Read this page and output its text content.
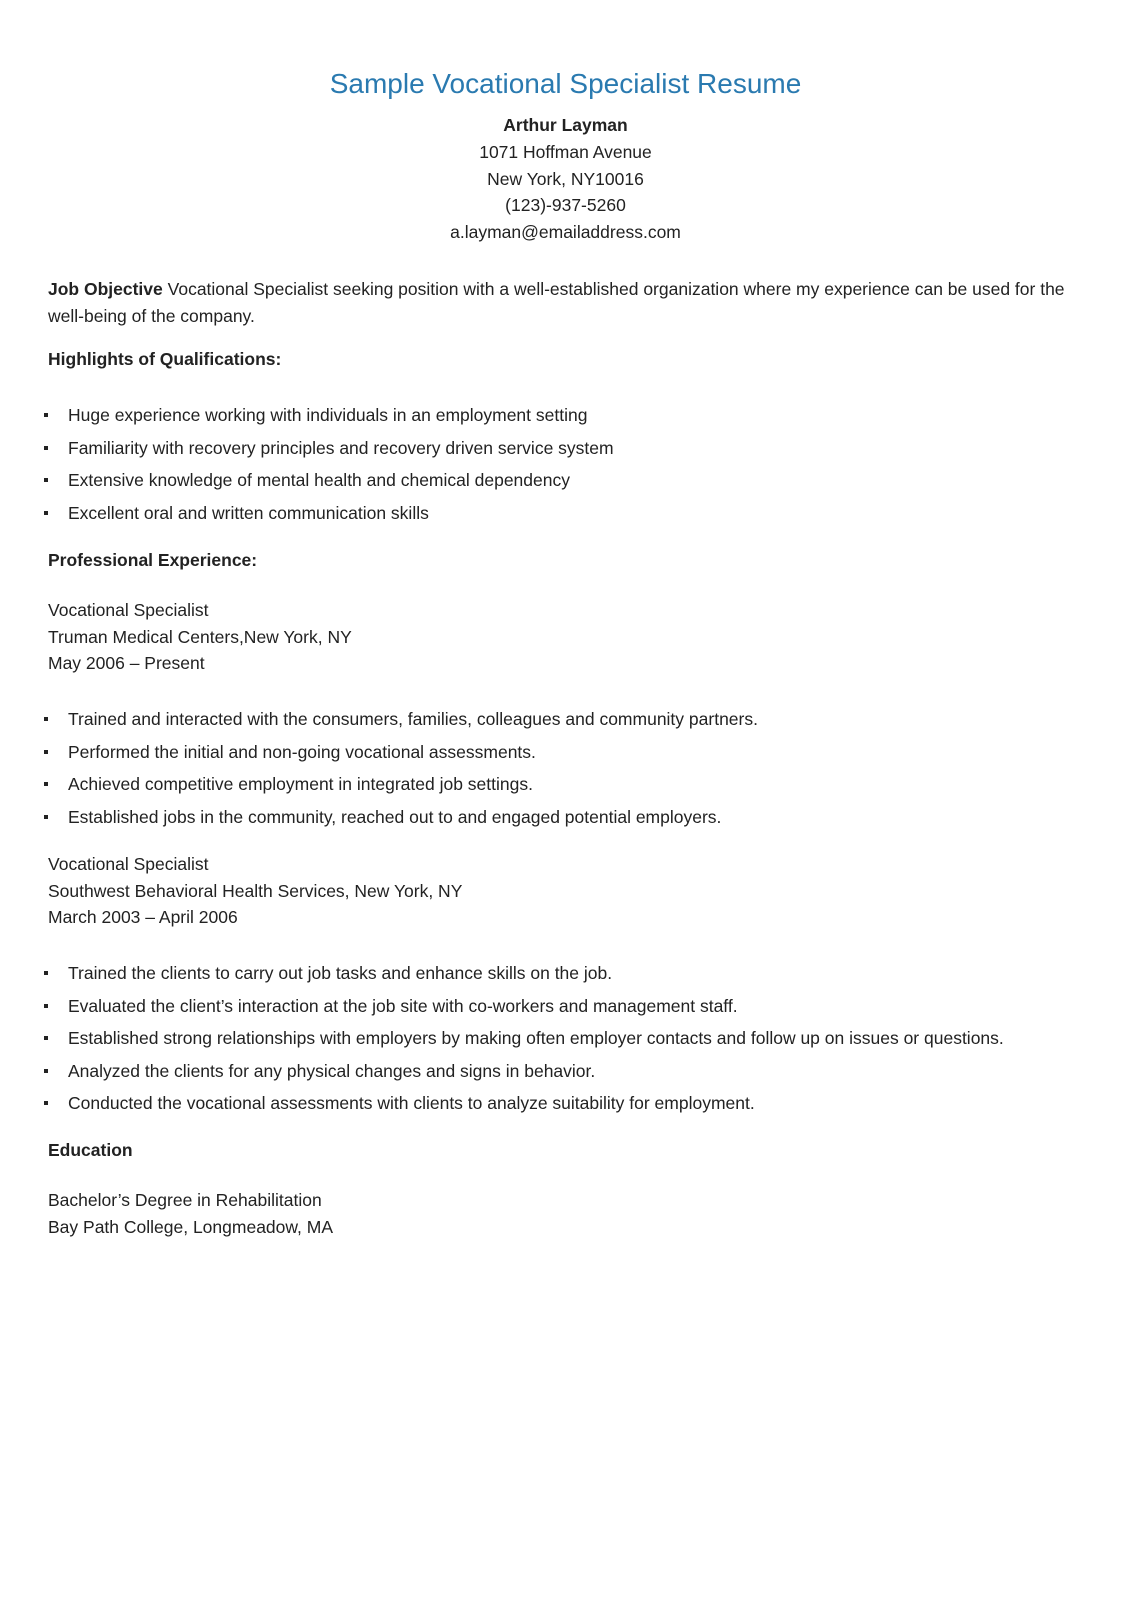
Sample Vocational Specialist Resume
Arthur Layman
1071 Hoffman Avenue
New York, NY10016
(123)-937-5260
a.layman@emailaddress.com
Job Objective Vocational Specialist seeking position with a well-established organization where my experience can be used for the well-being of the company.
Highlights of Qualifications:
Huge experience working with individuals in an employment setting
Familiarity with recovery principles and recovery driven service system
Extensive knowledge of mental health and chemical dependency
Excellent oral and written communication skills
Professional Experience:
Vocational Specialist
Truman Medical Centers,New York, NY
May 2006 – Present
Trained and interacted with the consumers, families, colleagues and community partners.
Performed the initial and non-going vocational assessments.
Achieved competitive employment in integrated job settings.
Established jobs in the community, reached out to and engaged potential employers.
Vocational Specialist
Southwest Behavioral Health Services, New York, NY
March 2003 – April 2006
Trained the clients to carry out job tasks and enhance skills on the job.
Evaluated the client’s interaction at the job site with co-workers and management staff.
Established strong relationships with employers by making often employer contacts and follow up on issues or questions.
Analyzed the clients for any physical changes and signs in behavior.
Conducted the vocational assessments with clients to analyze suitability for employment.
Education
Bachelor’s Degree in Rehabilitation
Bay Path College, Longmeadow, MA
